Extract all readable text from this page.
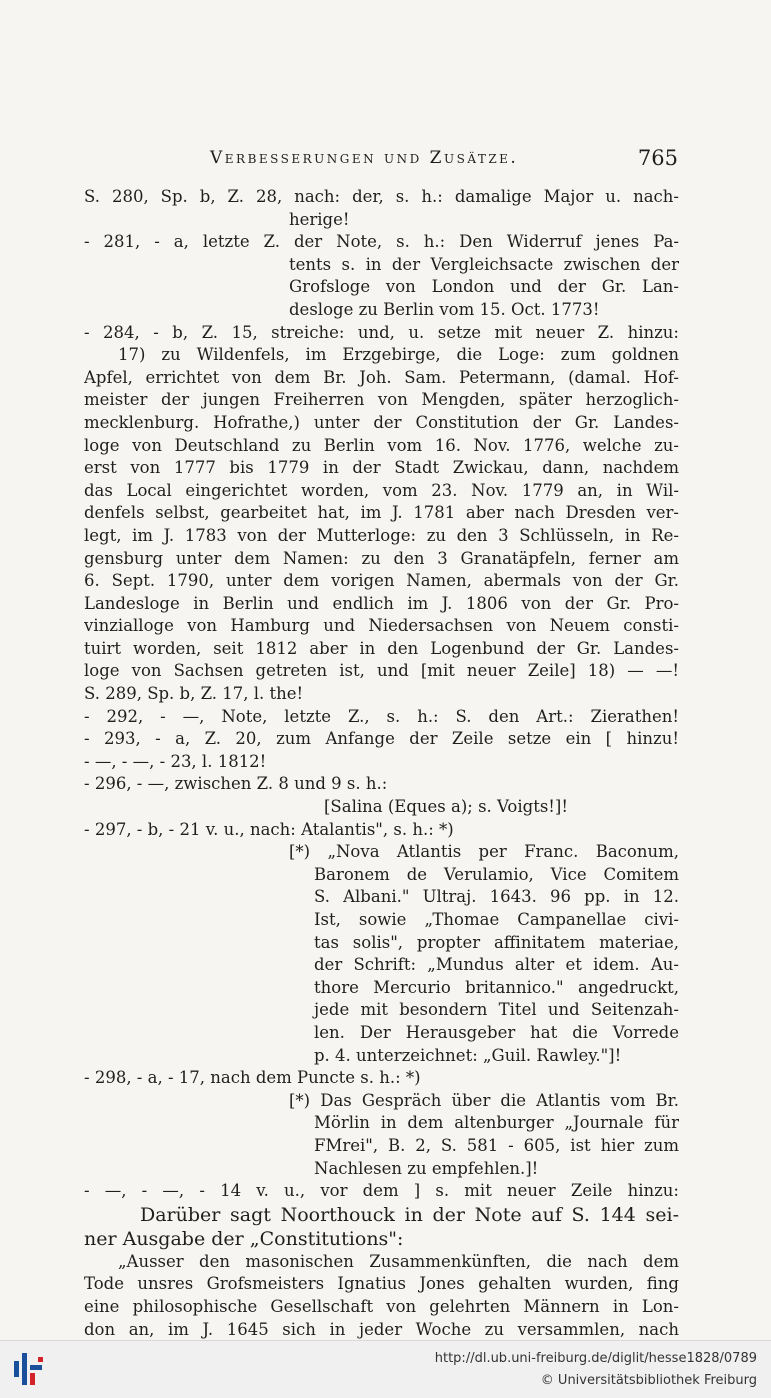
Verbesserungen und Zusätze.	765
S. 280, Sp. b, Z. 28, nach: der, s. h.: damalige Major u. nach-
herige!
- 281, - a, letzte Z. der Note, s. h.: Den Widerruf jenes Pa-
tents s. in der Vergleichsacte zwischen der
Grofsloge von London und der Gr. Lan-
desloge zu Berlin vom 15. Oct. 1773!
- 284, - b, Z. 15, streiche: und, u. setze mit neuer Z. hinzu:
17) zu Wildenfels, im Erzgebirge, die Loge: zum goldnen
Apfel, errichtet von dem Br. Joh. Sam. Petermann, (damal. Hof-
meister der jungen Freiherren von Mengden, später herzoglich-
mecklenburg. Hofrathe,) unter der Constitution der Gr. Landes-
loge von Deutschland zu Berlin vom 16. Nov. 1776, welche zu-
erst von 1777 bis 1779 in der Stadt Zwickau, dann, nachdem
das Local eingerichtet worden, vom 23. Nov. 1779 an, in Wil-
denfels selbst, gearbeitet hat, im J. 1781 aber nach Dresden ver-
legt, im J. 1783 von der Mutterloge: zu den 3 Schlüsseln, in Re-
gensburg unter dem Namen: zu den 3 Granatäpfeln, ferner am
6. Sept. 1790, unter dem vorigen Namen, abermals von der Gr.
Landesloge in Berlin und endlich im J. 1806 von der Gr. Pro-
vinzialloge von Hamburg und Niedersachsen von Neuem consti-
tuirt worden, seit 1812 aber in den Logenbund der Gr. Landes-
loge von Sachsen getreten ist, und [mit neuer Zeile] 18) — —!
S. 289, Sp. b, Z. 17, l. the!
- 292, - —, Note, letzte Z., s. h.: S. den Art.: Zierathen!
- 293, - a, Z. 20, zum Anfange der Zeile setze ein [ hinzu!
- —, - —, - 23, l. 1812!
- 296, - —, zwischen Z. 8 und 9 s. h.:
[Salina (Eques a); s. Voigts!]!
- 297, - b, - 21 v. u., nach: Atalantis", s. h.: *)
[*) „Nova Atlantis per Franc. Baconum,
Baronem de Verulamio, Vice Comitem
S. Albani." Ultraj. 1643. 96 pp. in 12.
Ist, sowie „Thomae Campanellae civi-
tas solis", propter affinitatem materiae,
der Schrift: „Mundus alter et idem. Au-
thore Mercurio britannico." angedruckt,
jede mit besondern Titel und Seitenzah-
len. Der Herausgeber hat die Vorrede
p. 4. unterzeichnet: „Guil. Rawley."]!
- 298, - a, - 17, nach dem Puncte s. h.: *)
[*) Das Gespräch über die Atlantis vom Br.
Mörlin in dem altenburger „Journale für
FMrei", B. 2, S. 581 - 605, ist hier zum
Nachlesen zu empfehlen.]!
- —, - —, - 14 v. u., vor dem ] s. mit neuer Zeile hinzu:
Darüber sagt Noorthouck in der Note auf S. 144 sei-
ner Ausgabe der „Constitutions":
„Ausser den masonischen Zusammenkünften, die nach dem
Tode unsres Grofsmeisters Ignatius Jones gehalten wurden, fing
eine philosophische Gesellschaft von gelehrten Männern in Lon-
don an, im J. 1645 sich in jeder Woche zu versammlen, nach
http://dl.ub.uni-freiburg.de/diglit/hesse1828/0789
© Universitätsbibliothek Freiburg
